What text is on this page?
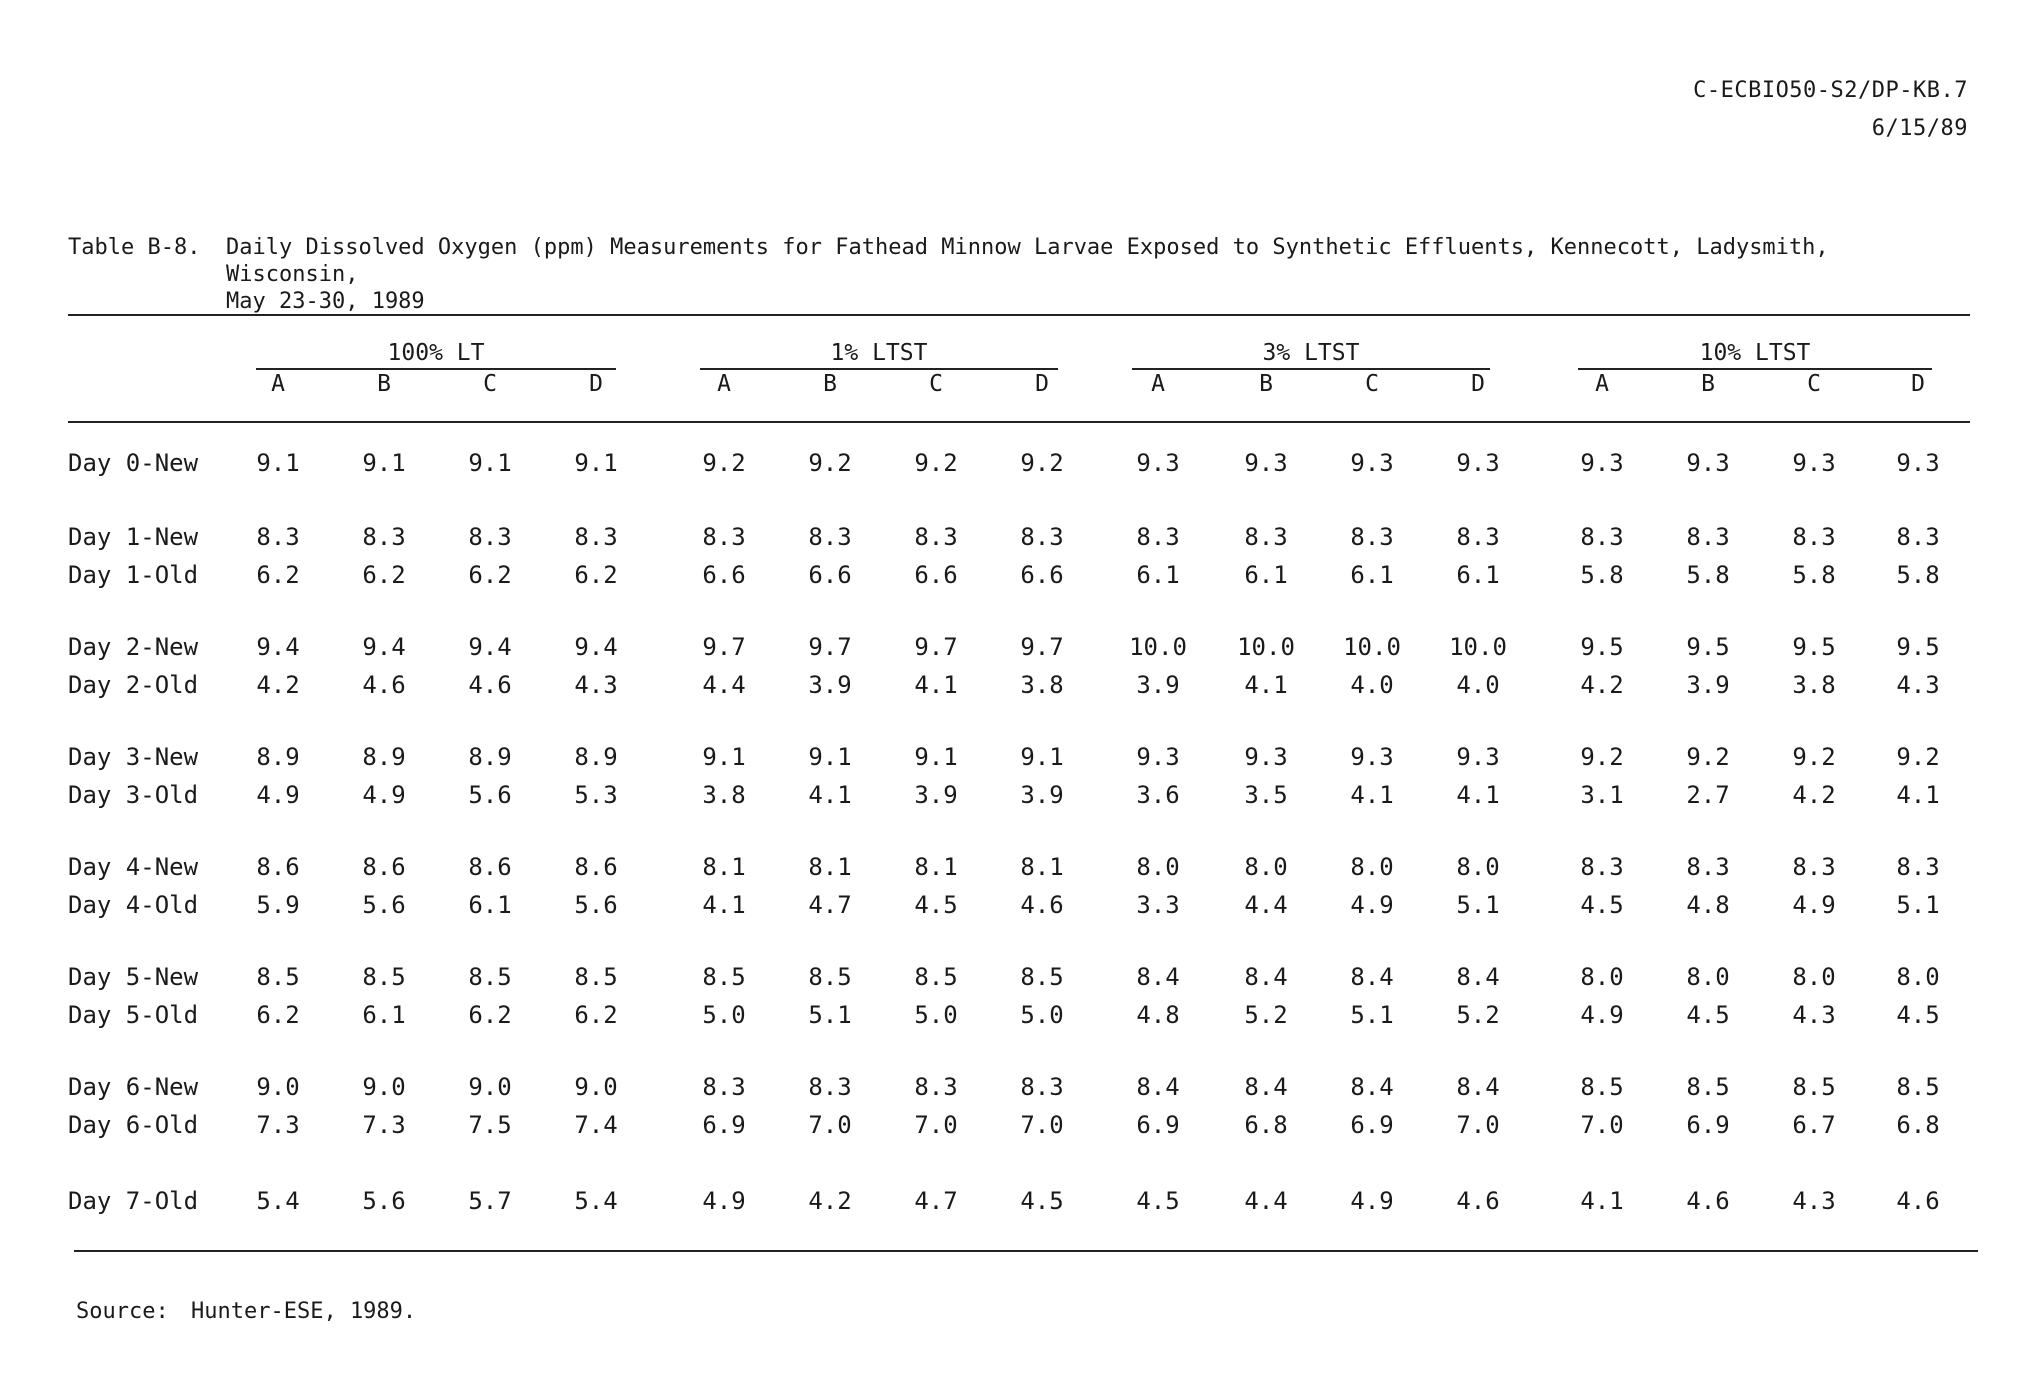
C-ECBIO50-S2/DP-KB.7
6/15/89
Table B-8.	Daily Dissolved Oxygen (ppm) Measurements for Fathead Minnow Larvae Exposed to Synthetic Effluents, Kennecott, Ladysmith, Wisconsin,
May 23-30, 1989
100% LT
A	B	C	D
1% LTST
A	B	C	D
3% LTST
A	B	C	D
10% LTST
A	B	C	D
Day 0-New	9.1	9.1	9.1	9.1	9.2	9.2	9.2	9.2	9.3	9.3	9.3	9.3	9.3	9.3	9.3	9.3
Day 1-New	8.3	8.3	8.3	8.3	8.3	8.3	8.3	8.3	8.3	8.3	8.3	8.3	8.3	8.3	8.3	8.3
Day 1-Old	6.2	6.2	6.2	6.2	6.6	6.6	6.6	6.6	6.1	6.1	6.1	6.1	5.8	5.8	5.8	5.8
Day 2-New	9.4	9.4	9.4	9.4	9.7	9.7	9.7	9.7	10.0	10.0	10.0	10.0	9.5	9.5	9.5	9.5
Day 2-Old	4.2	4.6	4.6	4.3	4.4	3.9	4.1	3.8	3.9	4.1	4.0	4.0	4.2	3.9	3.8	4.3
Day 3-New	8.9	8.9	8.9	8.9	9.1	9.1	9.1	9.1	9.3	9.3	9.3	9.3	9.2	9.2	9.2	9.2
Day 3-Old	4.9	4.9	5.6	5.3	3.8	4.1	3.9	3.9	3.6	3.5	4.1	4.1	3.1	2.7	4.2	4.1
Day 4-New	8.6	8.6	8.6	8.6	8.1	8.1	8.1	8.1	8.0	8.0	8.0	8.0	8.3	8.3	8.3	8.3
Day 4-Old	5.9	5.6	6.1	5.6	4.1	4.7	4.5	4.6	3.3	4.4	4.9	5.1	4.5	4.8	4.9	5.1
Day 5-New	8.5	8.5	8.5	8.5	8.5	8.5	8.5	8.5	8.4	8.4	8.4	8.4	8.0	8.0	8.0	8.0
Day 5-Old	6.2	6.1	6.2	6.2	5.0	5.1	5.0	5.0	4.8	5.2	5.1	5.2	4.9	4.5	4.3	4.5
Day 6-New	9.0	9.0	9.0	9.0	8.3	8.3	8.3	8.3	8.4	8.4	8.4	8.4	8.5	8.5	8.5	8.5
Day 6-Old	7.3	7.3	7.5	7.4	6.9	7.0	7.0	7.0	6.9	6.8	6.9	7.0	7.0	6.9	6.7	6.8
Day 7-Old	5.4	5.6	5.7	5.4	4.9	4.2	4.7	4.5	4.5	4.4	4.9	4.6	4.1	4.6	4.3	4.6
Source: Hunter-ESE, 1989.
